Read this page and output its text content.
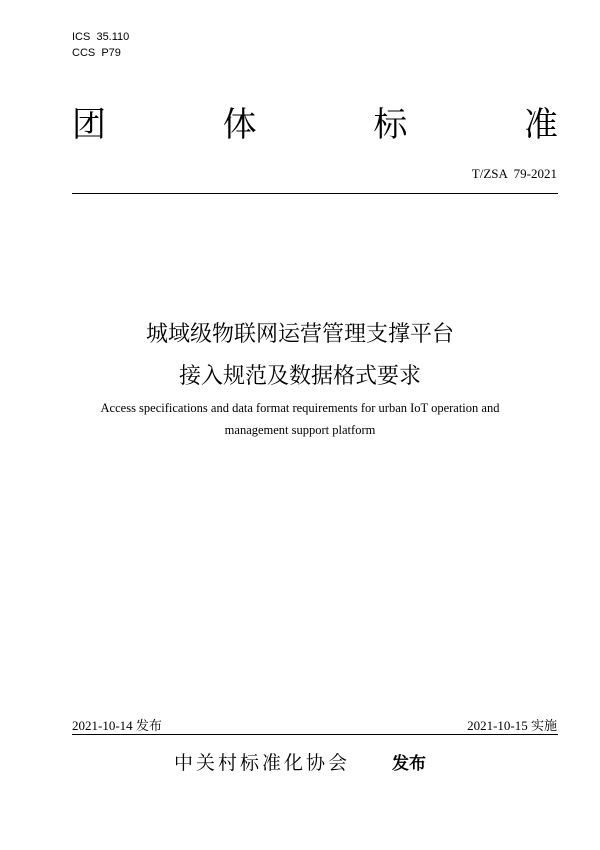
ICS  35.110
CCS  P79
团	体	标	准
T/ZSA  79-2021
城域级物联网运营管理支撑平台
接入规范及数据格式要求
Access specifications and data format requirements for urban IoT operation and
management support platform
2021-10-14 发布	2021-10-15 实施
中关村标准化协会 发布
